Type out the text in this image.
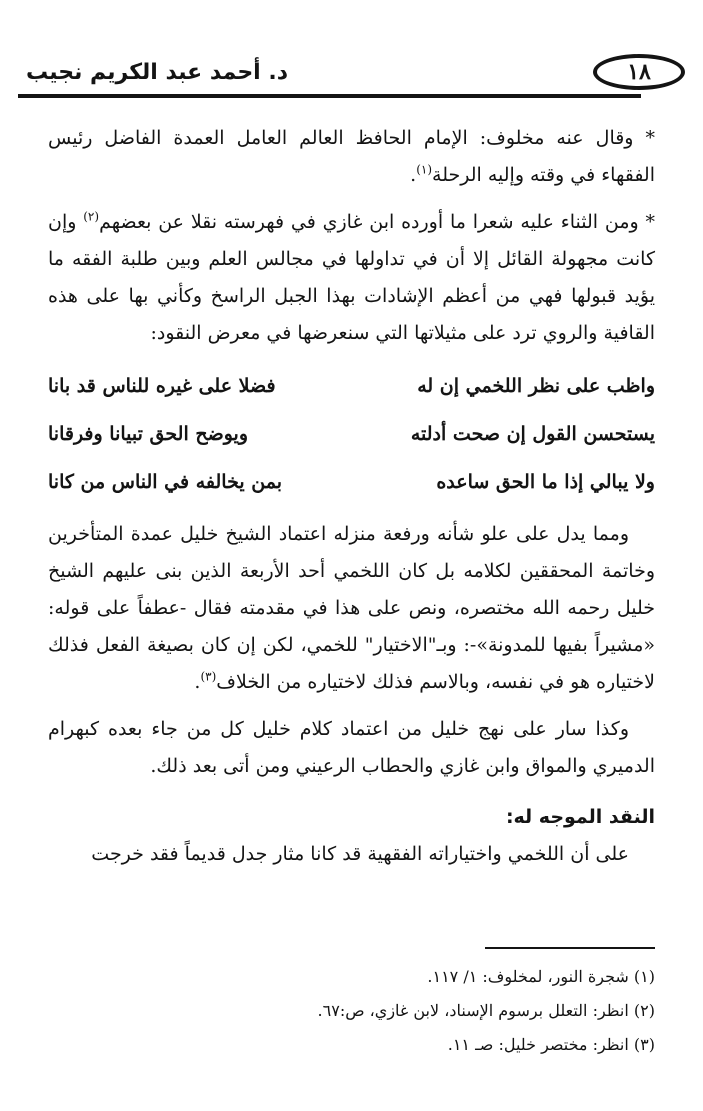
١٨
د. أحمد عبد الكريم نجيب

* وقال عنه مخلوف: الإمام الحافظ العالم العامل العمدة الفاضل رئيس الفقهاء في وقته وإليه الرحلة$^{(١)}$.

* ومن الثناء عليه شعرا ما أورده ابن غازي في فهرسته نقلا عن بعضهم$^{(٢)}$ وإن كانت مجهولة القائل إلا أن في تداولها في مجالس العلم وبين طلبة الفقه ما يؤيد قبولها فهي من أعظم الإشادات بهذا الجبل الراسخ وكأني بها على هذه القافية والروي ترد على مثيلاتها التي سنعرضها في معرض النقود:

واظب على نظر اللخمي إن له
فضلا على غيره للناس قد بانا
يستحسن القول إن صحت أدلته
ويوضح الحق تبيانا وفرقانا
ولا يبالي إذا ما الحق ساعده
بمن يخالفه في الناس من كانا

ومما يدل على علو شأنه ورفعة منزله اعتماد الشيخ خليل عمدة المتأخرين وخاتمة المحققين لكلامه بل كان اللخمي أحد الأربعة الذين بنى عليهم الشيخ خليل رحمه الله مختصره، ونص على هذا في مقدمته فقال -عطفاً على قوله: «مشيراً بفيها للمدونة»-: وبـ"الاختيار" للخمي، لكن إن كان بصيغة الفعل فذلك لاختياره هو في نفسه، وبالاسم فذلك لاختياره من الخلاف$^{(٣)}$.

وكذا سار على نهج خليل من اعتماد كلام خليل كل من جاء بعده كبهرام الدميري والمواق وابن غازي والحطاب الرعيني ومن أتى بعد ذلك.

النقد الموجه له:

على أن اللخمي واختياراته الفقهية قد كانا مثار جدل قديماً فقد خرجت

(١) شجرة النور، لمخلوف: ١/ ١١٧.
(٢) انظر: التعلل برسوم الإسناد، لابن غازي، ص:٦٧.
(٣) انظر: مختصر خليل: صـ ١١.
